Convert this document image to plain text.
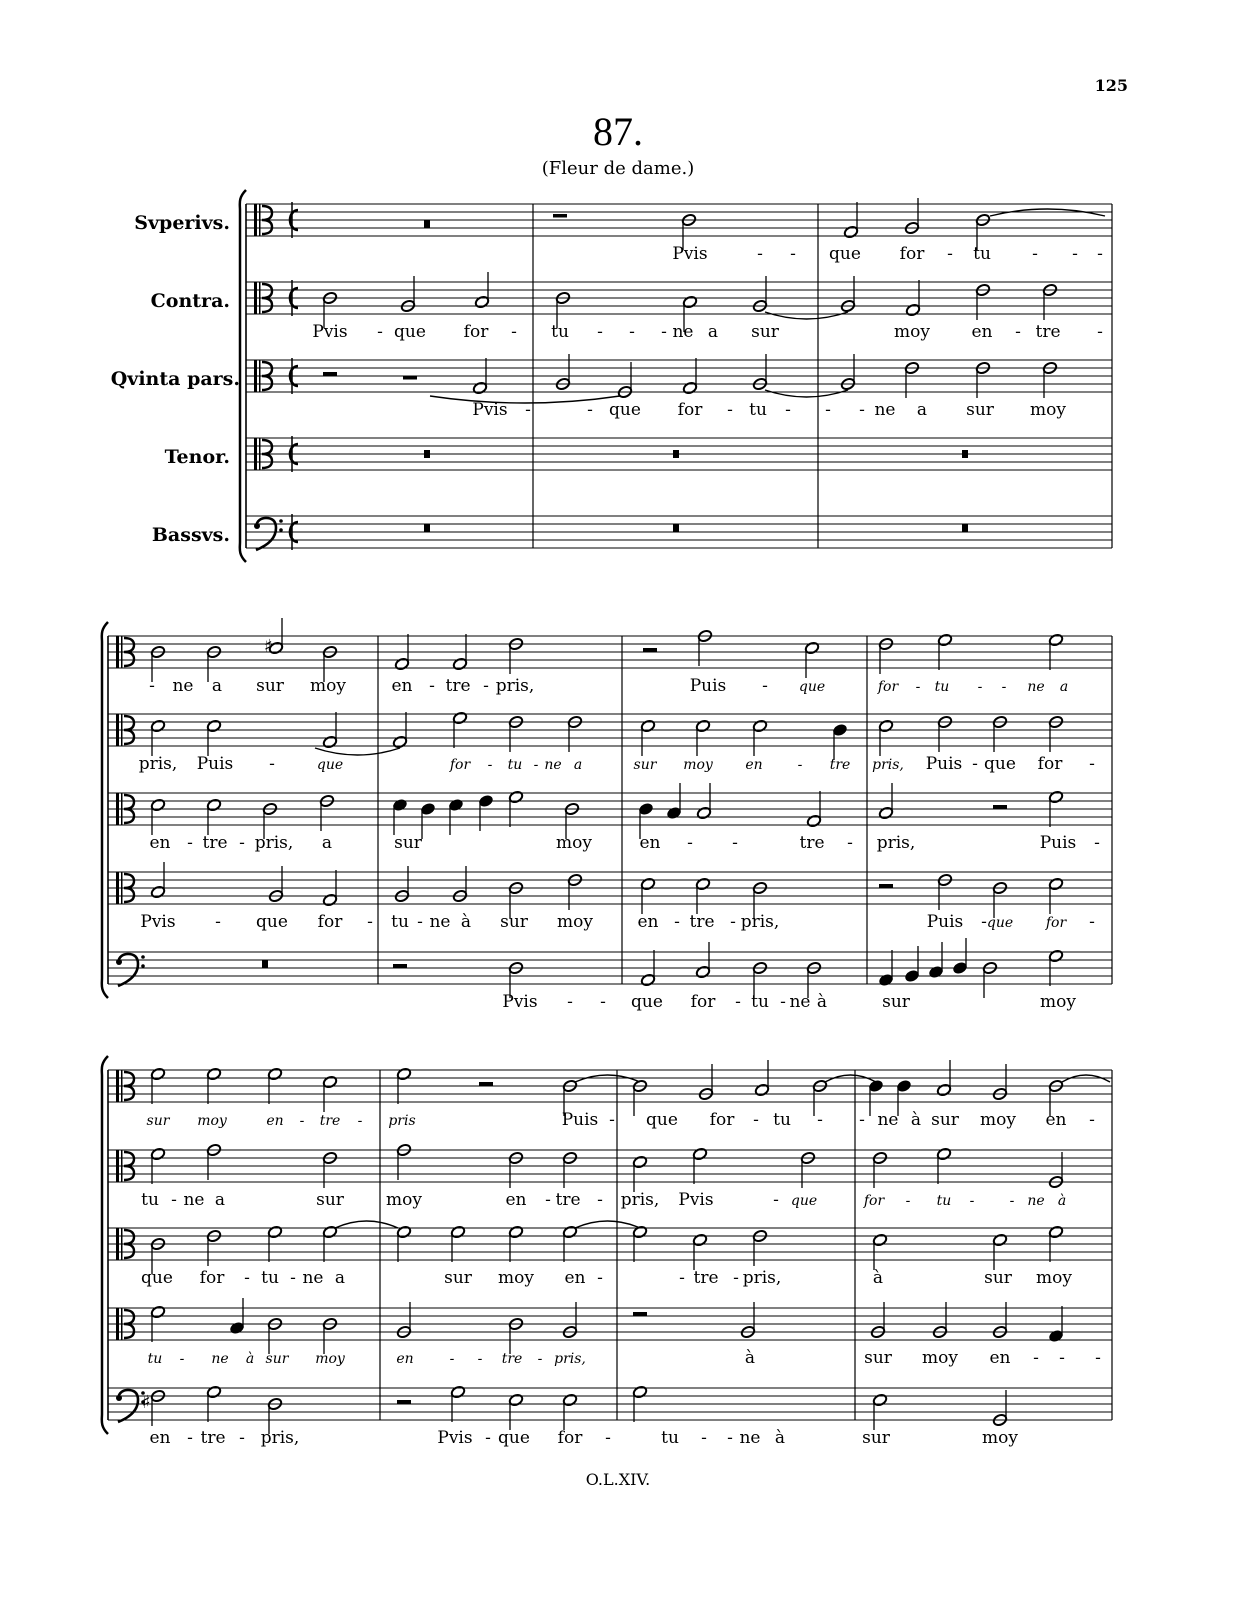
125
87.
(Fleur de dame.)
Svperivs.
Contra.
Qvinta pars.
Tenor.
Bassvs.
♯
♯
Pvis	- - que for - tu - - -
Pvis - que for - tu - - - ne a sur	moy en - tre -
Pvis -	- que for - tu - - - ne a sur moy
- ne a sur moy	en - tre - pris,	Puis - que	for - tu - - ne a
pris, Puis -	que	for - tu - ne a	sur moy en - tre pris, Puis - que for -
en - tre - pris, a	sur	moy	en - -	tre - pris,	Puis -
Pvis - que for - tu - ne à sur moy	en - tre - pris,	Puis - que for -
Pvis - - que for - tu - ne à	sur	moy
sur moy	en - tre - pris	Puis - que for - tu - - ne à sur moy en -
tu - ne a	sur moy	en - tre - pris, Pvis	- que	for - tu -	- ne à
que for - tu - ne a	sur moy en -	- tre - pris,	à	sur moy
tu - ne à sur moy	en	- - tre - pris,	à	sur moy en - - -
en - tre - pris,	Pvis - que for -	tu - - ne à	sur	moy
O.L.XIV.
